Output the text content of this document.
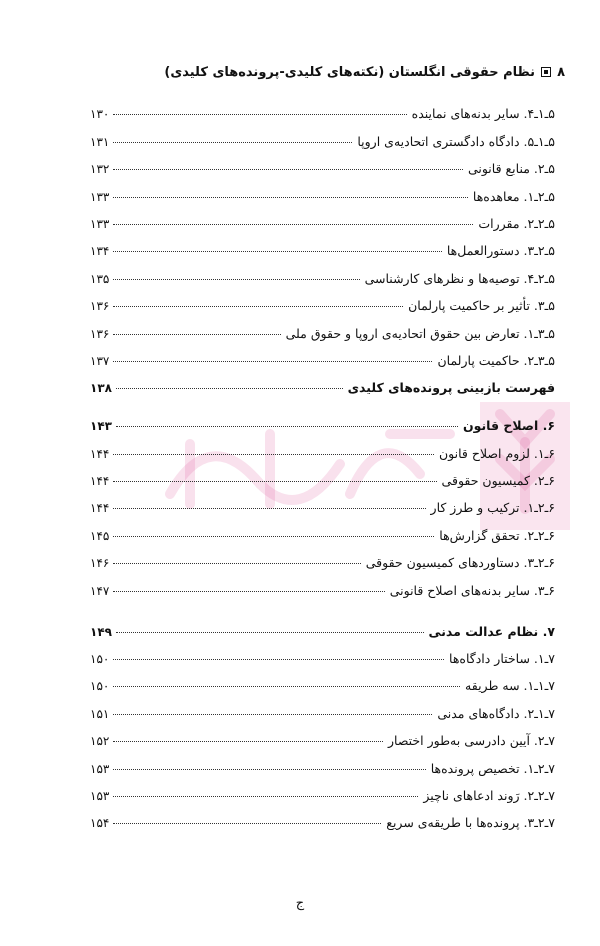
۸
نظام حقوقی انگلستان (نکته‌های کلیدی-پرونده‌های کلیدی)
۵ـ۱ـ۴. سایر بدنه‌های نماینده
۱۳۰
۵ـ۱ـ۵. دادگاه دادگستری اتحادیه‌ی اروپا
۱۳۱
۵ـ۲. منابع قانونی
۱۳۲
۵ـ۲ـ۱. معاهده‌ها
۱۳۳
۵ـ۲ـ۲. مقررات
۱۳۳
۵ـ۲ـ۳. دستورالعمل‌ها
۱۳۴
۵ـ۲ـ۴. توصیه‌ها و نظرهای کارشناسی
۱۳۵
۵ـ۳. تأثیر بر حاکمیت پارلمان
۱۳۶
۵ـ۳ـ۱. تعارض بین حقوق اتحادیه‌ی اروپا و حقوق ملی
۱۳۶
۵ـ۳ـ۲. حاکمیت پارلمان
۱۳۷
فهرست بازبینی پرونده‌های کلیدی
۱۳۸
۶. اصلاح قانون
۱۴۳
۶ـ۱. لزوم اصلاح قانون
۱۴۴
۶ـ۲. کمیسیون حقوقی
۱۴۴
۶ـ۲ـ۱. ترکیب و طرز کار
۱۴۴
۶ـ۲ـ۲. تحقق گزارش‌ها
۱۴۵
۶ـ۲ـ۳. دستاوردهای کمیسیون حقوقی
۱۴۶
۶ـ۳. سایر بدنه‌های اصلاح قانونی
۱۴۷
۷. نظام عدالت مدنی
۱۴۹
۷ـ۱. ساختار دادگاه‌ها
۱۵۰
۷ـ۱ـ۱. سه طریقه
۱۵۰
۷ـ۱ـ۲. دادگاه‌های مدنی
۱۵۱
۷ـ۲. آیین دادرسی به‌طور اختصار
۱۵۲
۷ـ۲ـ۱. تخصیص پرونده‌ها
۱۵۳
۷ـ۲ـ۲. رَوند ادعاهای ناچیز
۱۵۳
۷ـ۲ـ۳. پرونده‌ها با طریقه‌ی سریع
۱۵۴
ج
